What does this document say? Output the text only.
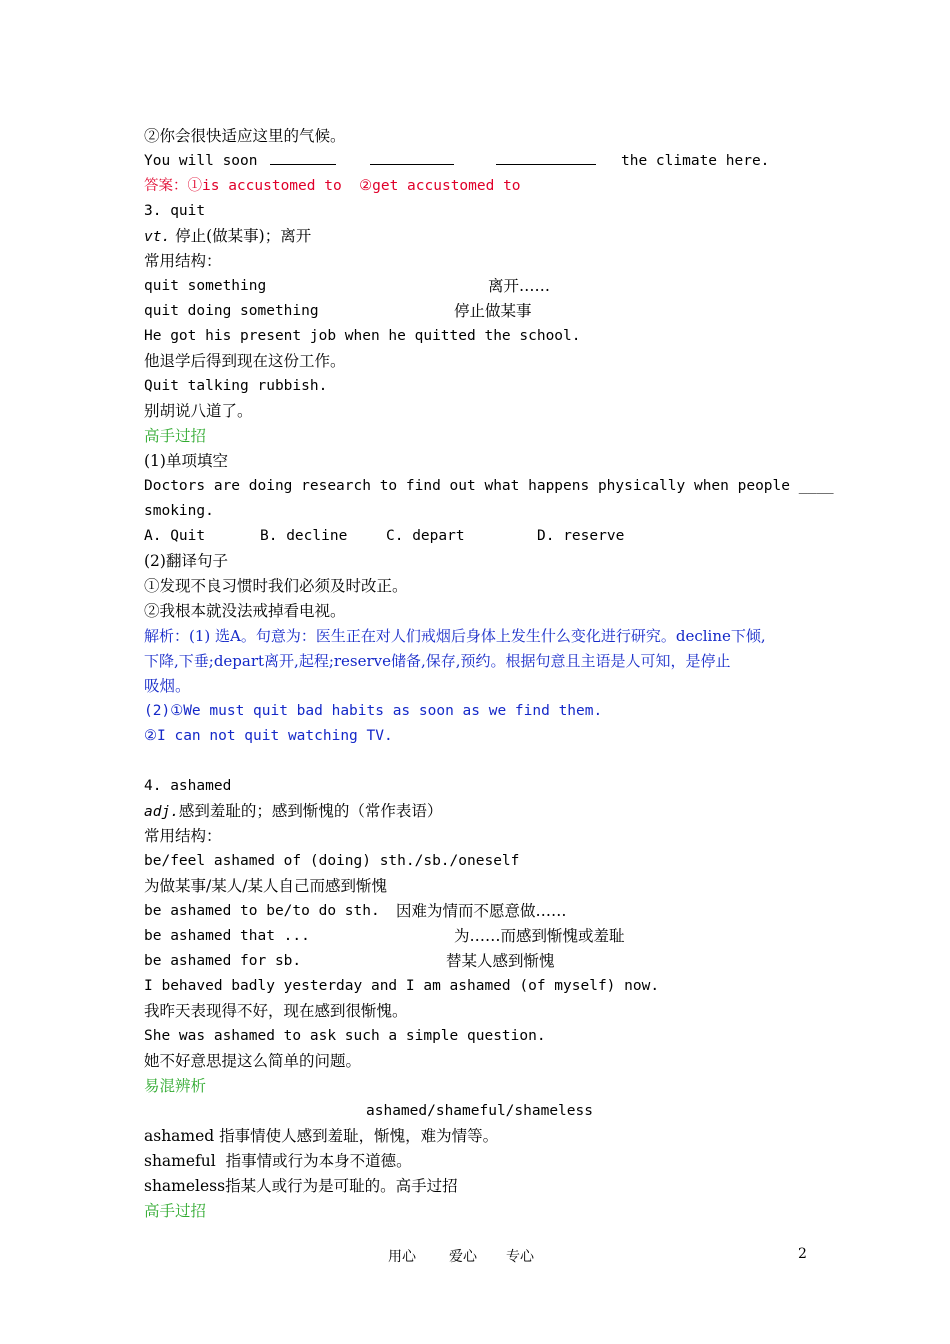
②你会很快适应这里的气候。

You will soon

	the climate here.

答案：①is accustomed to  ②get accustomed to
3. quit
vt. 停止(做某事)；离开
常用结构：

quit something

	离开……

quit doing something

	停止做某事

He got his present job when he quitted the school.
他退学后得到现在这份工作。
Quit talking rubbish.
别胡说八道了。
高手过招
(1)单项填空
Doctors are doing research to find out what happens physically when people ____
smoking.

A. Quit

	B. decline

	C. depart

	D. reserve

(2)翻译句子
①发现不良习惯时我们必须及时改正。
②我根本就没法戒掉看电视。
解析：(1) 选A。句意为：医生正在对人们戒烟后身体上发生什么变化进行研究。decline下倾,
下降,下垂;depart离开,起程;reserve储备,保存,预约。根据句意且主语是人可知，是停止
吸烟。
(2)①We must quit bad habits as soon as we find them.
②I can not quit watching TV.
4. ashamed
adj.感到羞耻的；感到惭愧的（常作表语）
常用结构：
be/feel ashamed of (doing) sth./sb./oneself
为做某事/某人/某人自己而感到惭愧

be ashamed to be/to do sth.

因难为情而不愿意做……

be ashamed that ...

	为……而感到惭愧或羞耻

be ashamed for sb.

	替某人感到惭愧

I behaved badly yesterday and I am ashamed (of myself) now.
我昨天表现得不好，现在感到很惭愧。
She was ashamed to ask such a simple question.
她不好意思提这么简单的问题。
易混辨析
ashamed/shameful/shameless
ashamed 指事情使人感到羞耻，惭愧，难为情等。
shameful  指事情或行为本身不道德。
shameless指某人或行为是可耻的。高手过招
高手过招
用心 爱心 专心	2
